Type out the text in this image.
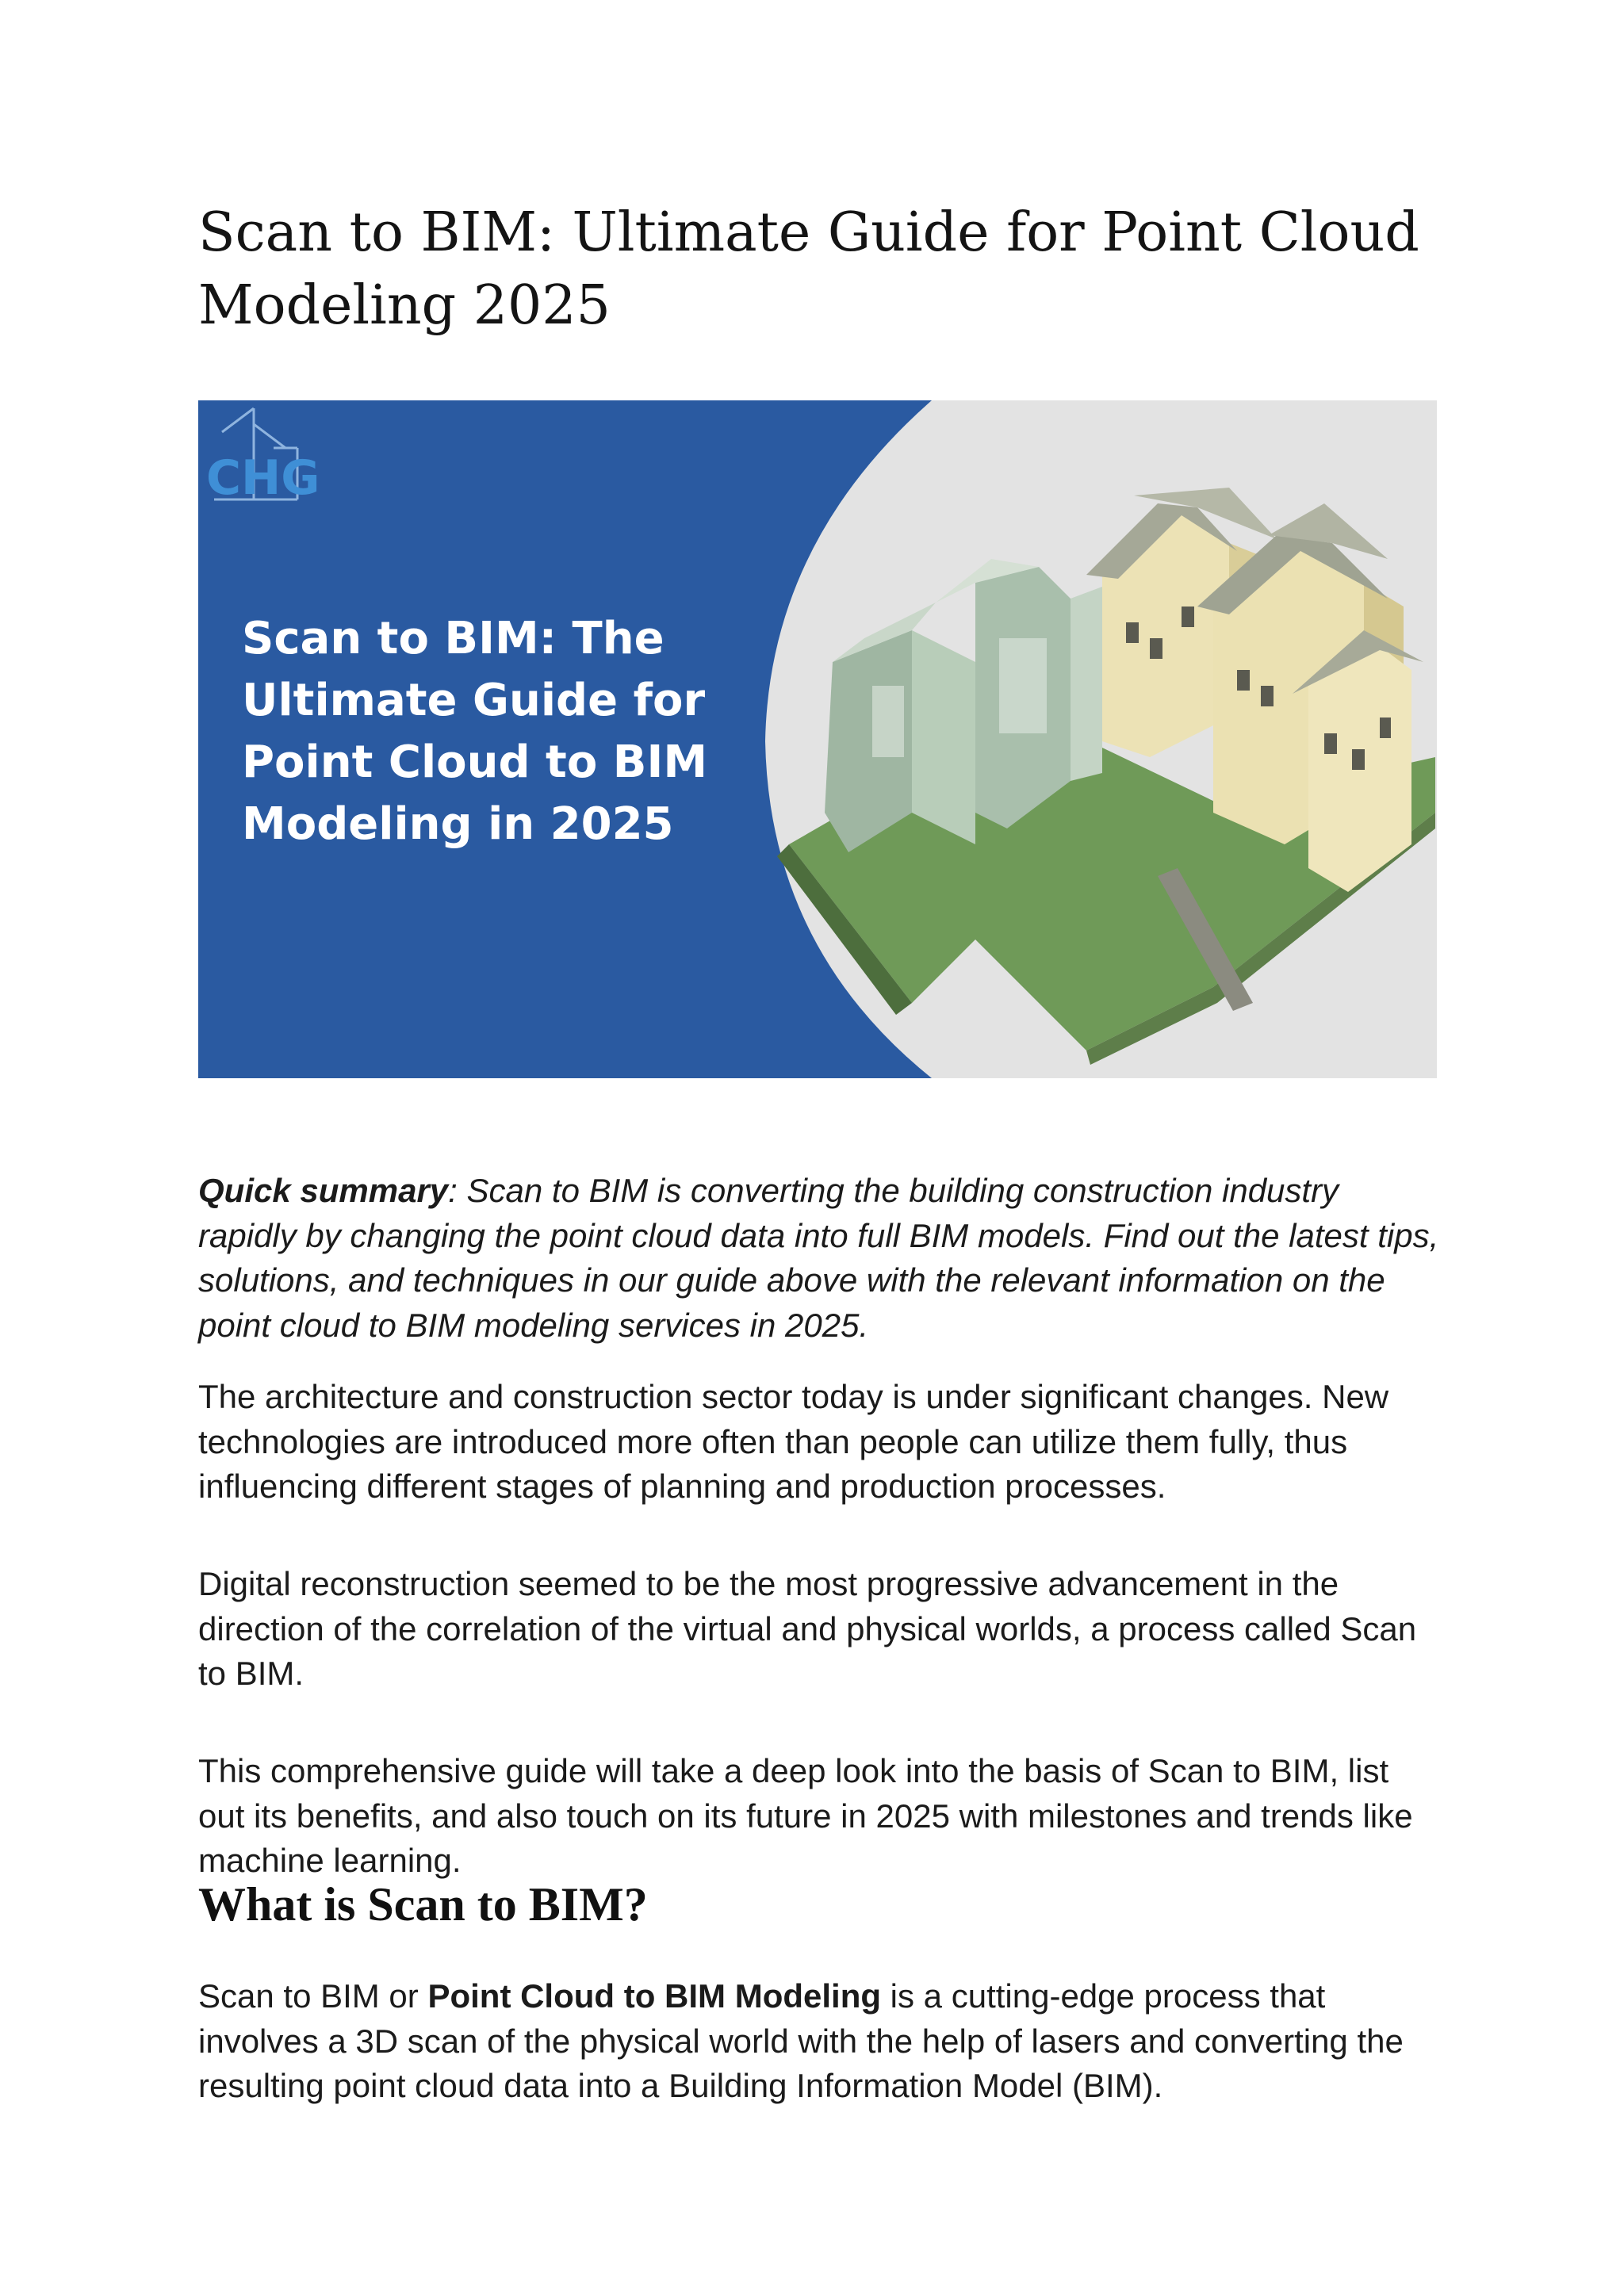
Scan to BIM: Ultimate Guide for Point Cloud Modeling 2025
CHG
Scan to BIM: The Ultimate Guide for Point Cloud to BIM Modeling in 2025

Quick summary: Scan to BIM is converting the building construction industry rapidly by changing the point cloud data into full BIM models. Find out the latest tips, solutions, and techniques in our guide above with the relevant information on the point cloud to BIM modeling services in 2025.

The architecture and construction sector today is under significant changes. New technologies are introduced more often than people can utilize them fully, thus influencing different stages of planning and production processes.

Digital reconstruction seemed to be the most progressive advancement in the direction of the correlation of the virtual and physical worlds, a process called Scan to BIM.

This comprehensive guide will take a deep look into the basis of Scan to BIM, list out its benefits, and also touch on its future in 2025 with milestones and trends like machine learning.

What is Scan to BIM?

Scan to BIM or Point Cloud to BIM Modeling is a cutting-edge process that involves a 3D scan of the physical world with the help of lasers and converting the resulting point cloud data into a Building Information Model (BIM).
